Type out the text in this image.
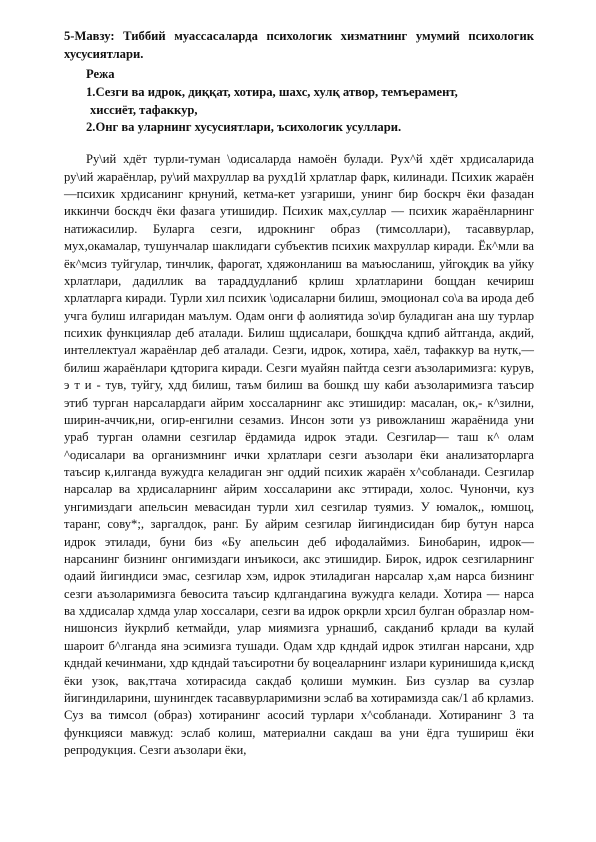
5-Мавзу: Тиббий муассасаларда психологик хизматнинг умумий психологик хусусиятлари.

Режа
1.Сезги ва идрок, диққат, хотира, шахс, хулқ атвор, темъерамент,
хиссиёт, тафаккур,
2.Онг ва уларнинг хусусиятлари, ъсихологик усуллари.

Ру\ий хдёт турли-туман \одисаларда намоён булади. Рух^й хдёт хрдисаларида ру\ий жараёнлар, ру\ий махруллар ва рухд1й хрлатлар фарк, килинади. Психик жараён—психик хрдисанинг крнуний, кетма-кет узгариши, унинг бир боскрч ёки фазадан иккинчи боскдч ёки фазага утишидир. Психик мах,суллар — психик жараёнларнинг натижасилир. Буларга сезги, идрокнинг образ (тимсоллари), тасаввурлар, мух,окамалар, тушунчалар шаклидаги субъектив психик махруллар киради. Ёк^мли ва ёк^мсиз туйгулар, тинчлик, фарогат, хдяжонланиш ва маъюсланиш, уйгоқдик ва уйку хрлатлари, дадиллик ва тараддудланиб крлиш хрлатларини бощдан кечириш хрлатларга киради. Турли хил психик \одисаларни билиш, эмоционал со\а ва ирода деб учга булиш илгаридан маълум. Одам онги ф аолиятида зо\ир буладиган ана шу турлар психик функциялар деб аталади. Билиш щдисалари, бошқдча кдпиб айтганда, акдий, интеллектуал жараёнлар деб аталади. Сезги, идрок, хотира, хаёл, тафаккур ва нутк,—билиш жараёнлари қдторига киради. Сезги муайян пайтда сезги аъзоларимизга: курув, э т и - тув, туйгу, хдд билиш, таъм билиш ва бошкд шу каби аъзоларимизга таъсир этиб турган нарсалардаги айрим хоссаларнинг акс этишидир: масалан, ок,- к^зилни, ширин-аччик,ни, огир-енгилни сезамиз. Инсон зоти уз ривожланиш жараёнида уни ураб турган оламни сезгилар ёрдамида идрок этади. Сезгилар— таш к^ олам ^одисалари ва организмнинг ички хрлатлари сезги аъзолари ёки анализаторларга таъсир к,илганда вужудга келадиган энг оддий психик жараён х^собланади. Сезгилар нарсалар ва хрдисаларнинг айрим хоссаларини акс эттиради, холос. Чунончи, куз унгимиздаги апельсин мевасидан турли хил сезгилар туямиз. У юмалок,, юмшоц, таранг, сову*;, заргалдок, ранг. Бу айрим сезгилар йигиндисидан бир бутун нарса идрок этилади, буни биз «Бу апельсин деб ифодалаймиз. Бинобарин, идрок— нарсанинг бизнинг онгимиздаги инъикоси, акс этишидир. Бирок, идрок сезгиларнинг одаий йигиндиси эмас, сезгилар хэм, идрок этиладиган нарсалар х,ам нарса бизнинг сезги аъзоларимизга бевосита таъсир кдлгандагина вужудга келади. Хотира — нарса ва хддисалар хдмда улар хоссалари, сезги ва идрок оркрли хрсил булган образлар ном-нишонсиз йукрлиб кетмайди, улар миямизга урнашиб, сакданиб крлади ва кулай шароит б^лганда яна эсимизга тушади. Одам хдр кдндай идрок этилган нарсани, хдр кдндай кечинмани, хдр кдндай таъсиротни бу воцеаларнинг излари куринишида к,искд ёки узок, вак,ттача хотирасида сакдаб қолиши мумкин. Биз сузлар ва сузлар йигиндиларини, шунингдек тасаввурларимизни эслаб ва хотирамизда сак/1 аб крламиз. Суз ва тимсол (образ) хотиранинг асосий турлари х^собланади. Хотиранинг 3 та функцияси мавжуд: эслаб колиш, материални сакдаш ва уни ёдга тушириш ёки репродукция. Сезги аъзолари ёки,
